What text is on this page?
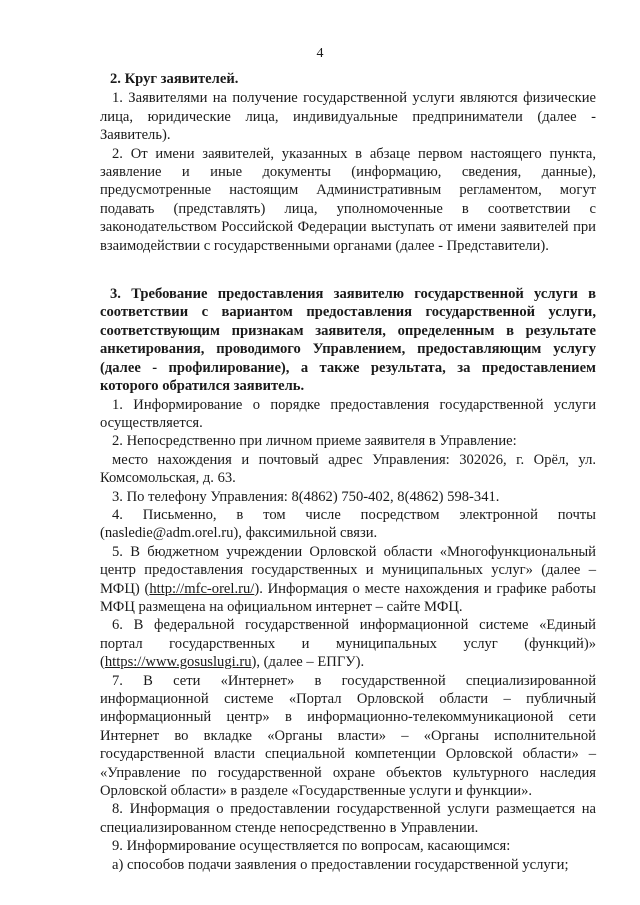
4

2. Круг заявителей.

1. Заявителями на получение государственной услуги являются физические лица, юридические лица, индивидуальные предприниматели (далее - Заявитель).

2. От имени заявителей, указанных в абзаце первом настоящего пункта, заявление и иные документы (информацию, сведения, данные), предусмотренные настоящим Административным регламентом, могут подавать (представлять) лица, уполномоченные в соответствии с законодательством Российской Федерации выступать от имени заявителей при взаимодействии с государственными органами (далее - Представители).

3. Требование предоставления заявителю государственной услуги в соответствии с вариантом предоставления государственной услуги, соответствующим признакам заявителя, определенным в результате анкетирования, проводимого Управлением, предоставляющим услугу (далее - профилирование), а также результата, за предоставлением которого обратился заявитель.

1. Информирование о порядке предоставления государственной услуги осуществляется.

2. Непосредственно при личном приеме заявителя в Управление:

место нахождения и почтовый адрес Управления: 302026, г. Орёл, ул. Комсомольская, д. 63.

3. По телефону Управления: 8(4862) 750-402, 8(4862) 598-341.

4. Письменно, в том числе посредством электронной почты (nasledie@adm.orel.ru), факсимильной связи.

5. В бюджетном учреждении Орловской области «Многофункциональный центр предоставления государственных и муниципальных услуг» (далее – МФЦ) (http://mfc-orel.ru/). Информация о месте нахождения и графике работы МФЦ размещена на официальном интернет – сайте МФЦ.

6. В федеральной государственной информационной системе «Единый портал государственных и муниципальных услуг (функций)» (https://www.gosuslugi.ru), (далее – ЕПГУ).

7. В сети «Интернет» в государственной специализированной информационной системе «Портал Орловской области – публичный информационный центр» в информационно-телекоммуникационой сети Интернет во вкладке «Органы власти» – «Органы исполнительной государственной власти специальной компетенции Орловской области» – «Управление по государственной охране объектов культурного наследия Орловской области» в разделе «Государственные услуги и функции».

8. Информация о предоставлении государственной услуги размещается на специализированном стенде непосредственно в Управлении.

9. Информирование осуществляется по вопросам, касающимся:

а) способов подачи заявления о предоставлении государственной услуги;
